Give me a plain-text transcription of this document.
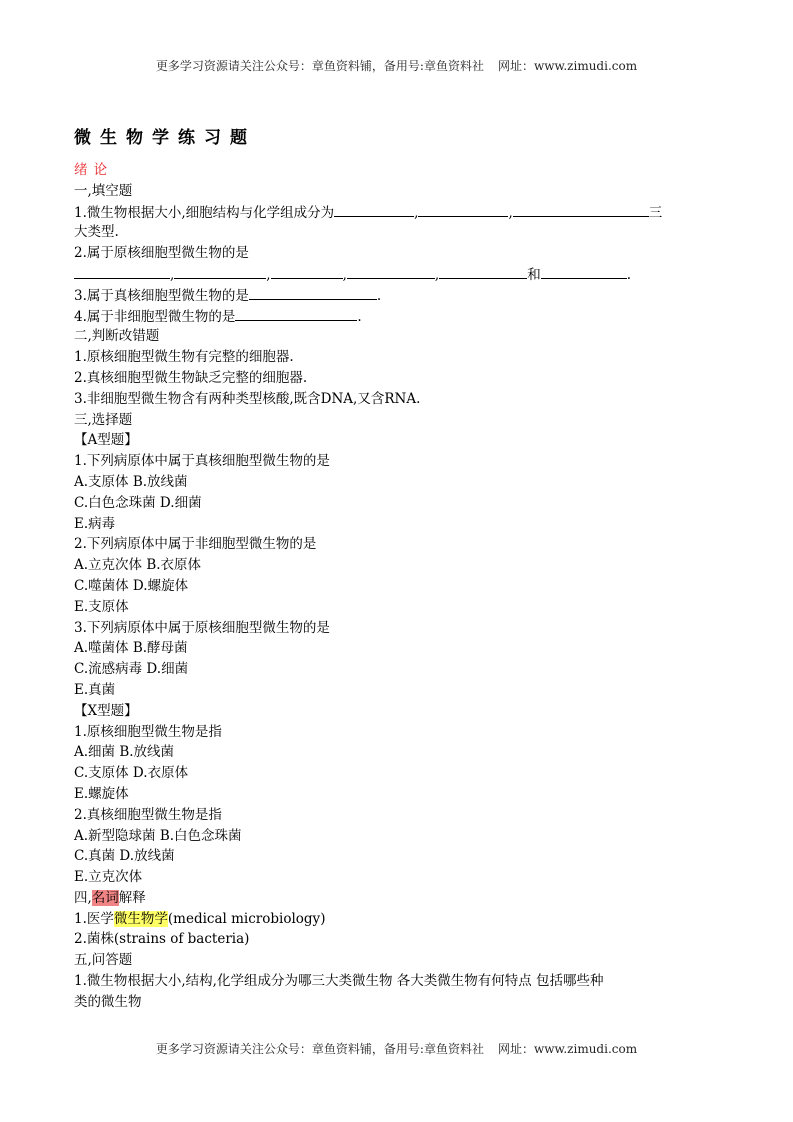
更多学习资源请关注公众号：章鱼资料铺，备用号:章鱼资料社 网址：www.zimudi.com
微生物学练习题
绪论
一,填空题
1.微生物根据大小,细胞结构与化学组成分为	,	,	三
大类型.
2.属于原核细胞型微生物的是
,	,	,	,	和	.
3.属于真核细胞型微生物的是	.
4.属于非细胞型微生物的是	.
二,判断改错题
1.原核细胞型微生物有完整的细胞器.
2.真核细胞型微生物缺乏完整的细胞器.
3.非细胞型微生物含有两种类型核酸,既含DNA,又含RNA.
三,选择题
【A型题】
1.下列病原体中属于真核细胞型微生物的是
A.支原体 B.放线菌
C.白色念珠菌 D.细菌
E.病毒
2.下列病原体中属于非细胞型微生物的是
A.立克次体 B.衣原体
C.噬菌体 D.螺旋体
E.支原体
3.下列病原体中属于原核细胞型微生物的是
A.噬菌体 B.酵母菌
C.流感病毒 D.细菌
E.真菌
【X型题】
1.原核细胞型微生物是指
A.细菌 B.放线菌
C.支原体 D.衣原体
E.螺旋体
2.真核细胞型微生物是指
A.新型隐球菌 B.白色念珠菌
C.真菌 D.放线菌
E.立克次体
四,名词解释
1.医学微生物学(medical microbiology)
2.菌株(strains of bacteria)
五,问答题
1.微生物根据大小,结构,化学组成分为哪三大类微生物 各大类微生物有何特点 包括哪些种
类的微生物
更多学习资源请关注公众号：章鱼资料铺，备用号:章鱼资料社 网址：www.zimudi.com
